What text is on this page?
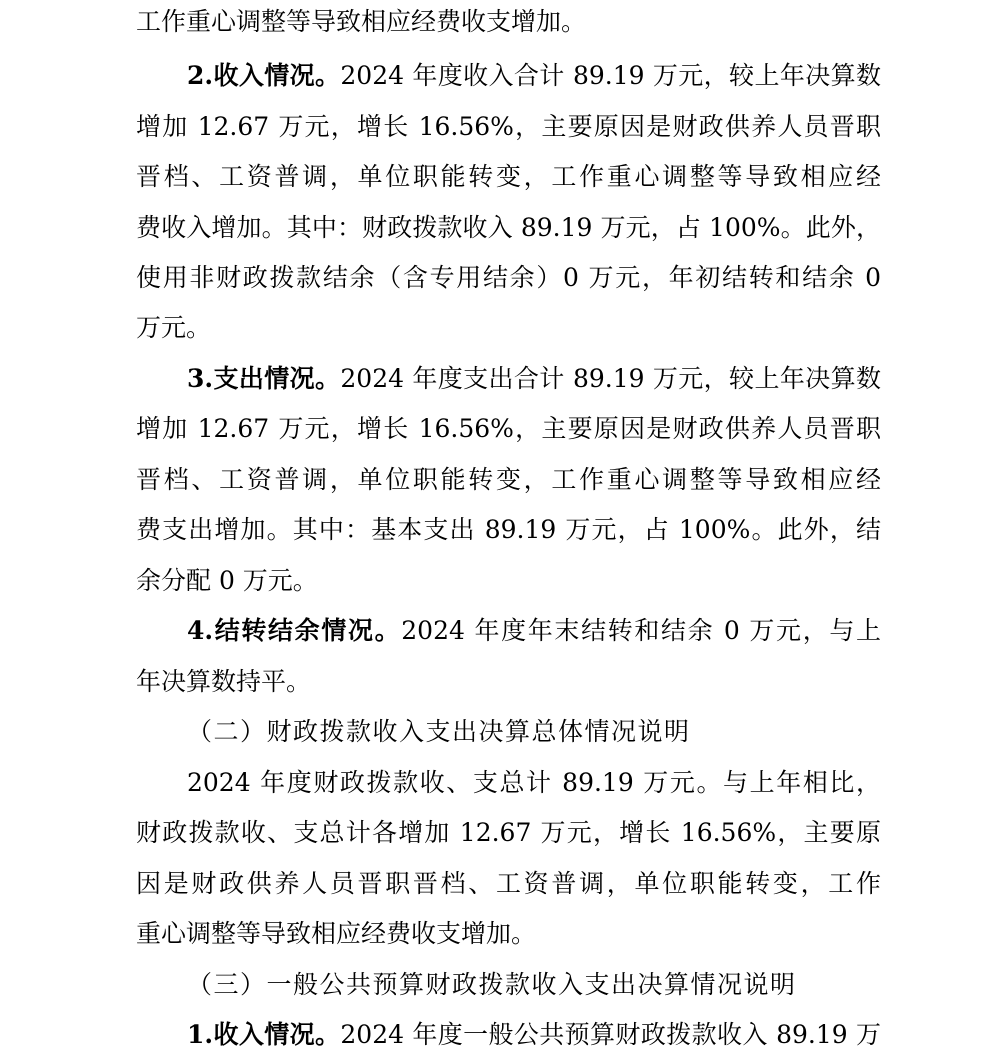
工作重心调整等导致相应经费收支增加。
2.收入情况。2024 年度收入合计 89.19 万元，较上年决算数
增加 12.67 万元，增长 16.56%，主要原因是财政供养人员晋职
晋档、工资普调，单位职能转变，工作重心调整等导致相应经
费收入增加。其中：财政拨款收入 89.19 万元，占 100%。此外，
使用非财政拨款结余（含专用结余）0 万元，年初结转和结余 0
万元。
3.支出情况。2024 年度支出合计 89.19 万元，较上年决算数
增加 12.67 万元，增长 16.56%，主要原因是财政供养人员晋职
晋档、工资普调，单位职能转变，工作重心调整等导致相应经
费支出增加。其中：基本支出 89.19 万元，占 100%。此外，结
余分配 0 万元。
4.结转结余情况。2024 年度年末结转和结余 0 万元，与上
年决算数持平。
（二）财政拨款收入支出决算总体情况说明
2024 年度财政拨款收、支总计 89.19 万元。与上年相比，
财政拨款收、支总计各增加 12.67 万元，增长 16.56%，主要原
因是财政供养人员晋职晋档、工资普调，单位职能转变，工作
重心调整等导致相应经费收支增加。
（三）一般公共预算财政拨款收入支出决算情况说明
1.收入情况。2024 年度一般公共预算财政拨款收入 89.19 万
